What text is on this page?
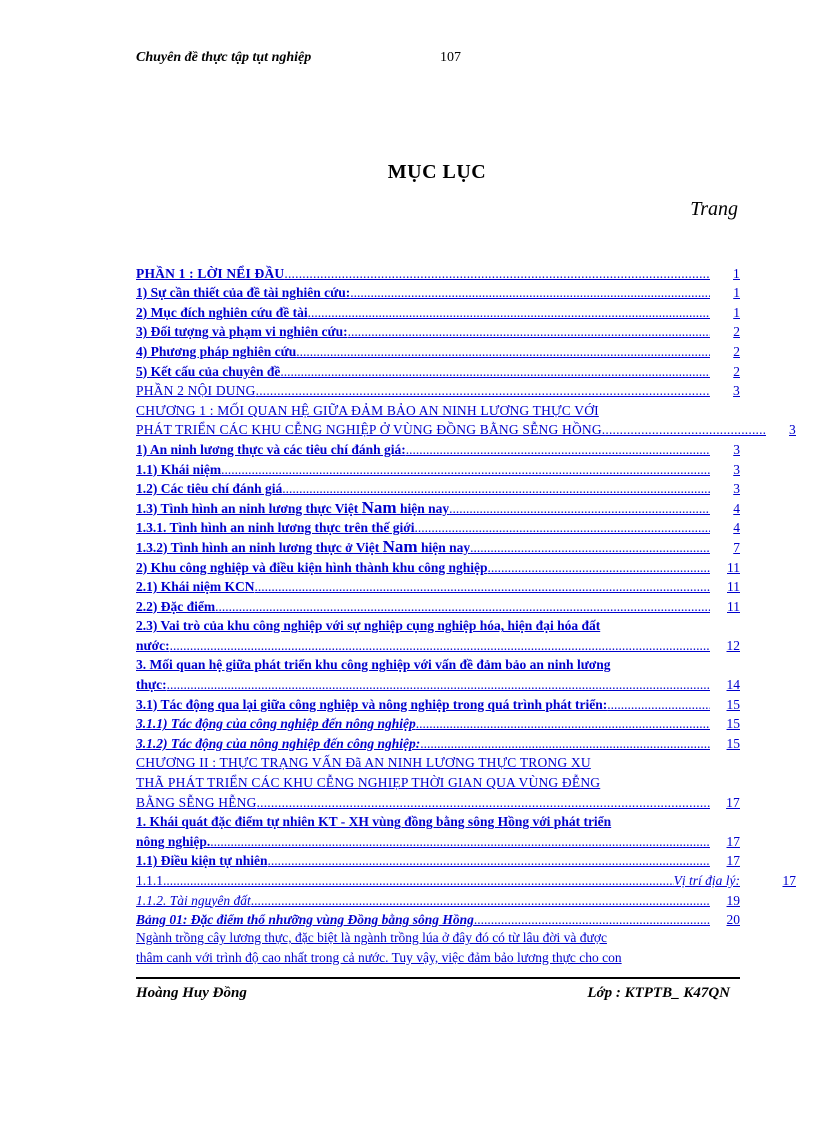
Chuyên đề thực tập tụt nghiệp	107
MỤC LỤC
Trang
PHẦN 1 : LỜI NỂI ĐẦU .....	1
1) Sự cần thiết của đề tài nghiên cứu: .....	1
2) Mục đích nghiên cứu đề tài .....	1
3) Đối tượng và phạm vi nghiên cứu: .....	2
4) Phương pháp nghiên cứu .....	2
5) Kết cấu của chuyên đề .....	2
PHẦN 2 NỘI DUNG .....	3
CHƯƠNG 1 : MỐI QUAN HỆ GIỮA ĐẢM BẢO AN NINH LƯƠNG THỰC VỚI
PHÁT TRIỂN CÁC KHU CỄNG NGHIỆP Ở VÙNG ĐỒNG BẰNG SỄNG HỒNG. .....	3
1) An ninh lương thực và các tiêu chí đánh giá: .....	3
1.1) Khái niệm .....	3
1.2) Các tiêu chí đánh giá .....	3
1.3) Tình hình an ninh lương thực Việt Nam hiện nay .....	4
1.3.1. Tình hình an ninh lương thực trên thế giới .....	4
1.3.2) Tình hình an ninh lương thực ở Việt Nam hiện nay .....	7
2) Khu công nghiệp và điều kiện hình thành khu công nghiệp .....	11
2.1) Khái niệm KCN .....	11
2.2) Đặc điểm .....	11
2.3) Vai trò của khu công nghiệp với sự nghiệp cụng nghiệp hóa, hiện đại hóa đất
nước: .....	12
3. Mối quan hệ giữa phát triển khu công nghiệp với vấn đề đảm bảo an ninh lương
thực: .....	14
3.1) Tác động qua lại giữa công nghiệp và nông nghiệp trong quá trình phát triển: .....	15
3.1.1) Tác động của công nghiệp đến nông nghiệp .....	15
3.1.2) Tác động của nông nghiệp đến công nghiệp: .....	15
CHƯƠNG II : THỰC TRẠNG VẤN Đã AN NINH LƯƠNG THỰC TRONG XU
THÃ PHÁT TRIỂN CÁC KHU CỄNG NGHIẸP THỜI GIAN QUA VÙNG ĐỄNG
BẰNG SỄNG HỄNG .....	17
1. Khái quát đặc điểm tự nhiên KT - XH vùng đồng bằng sông Hồng với phát triển
nông nghiệp. .....	17
1.1) Điều kiện tự nhiên .....	17
1.1.1. .....	Vị trí địa lý:	17
1.1.2. Tài nguyên đất .....	19
Bảng 01: Đặc điểm thổ nhưỡng vùng Đồng bằng sông Hồng .....	20
Ngành trồng cây lương thực, đặc biệt là ngành trồng lúa ở đây đó có từ lâu đời và được
thâm canh với trình độ cao nhất trong cả nước. Tuy vậy, việc đảm bảo lương thực cho con
Hoàng Huy Đồng	Lớp : KTPTB_ K47QN
